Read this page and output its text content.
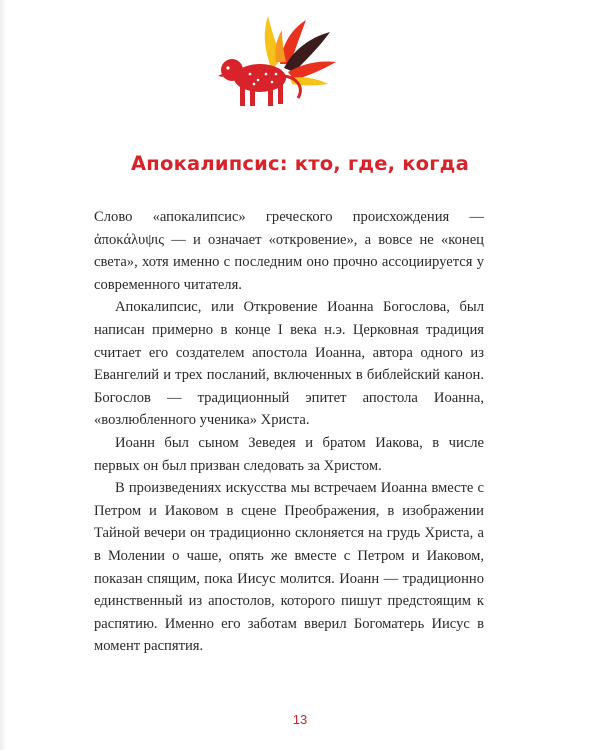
Апокалипсис: кто, где, когда

Слово «апокалипсис» греческого происхождения — ἀποκάλυψις — и означает «откровение», а вовсе не «конец света», хотя именно с последним оно прочно ассоциируется у современного читателя.

Апокалипсис, или Откровение Иоанна Богослова, был написан примерно в конце I века н.э. Церковная традиция считает его создателем апостола Иоанна, автора одного из Евангелий и трех посланий, включенных в библейский канон. Богослов — традиционный эпитет апостола Иоанна, «возлюбленного ученика» Христа.

Иоанн был сыном Зеведея и братом Иакова, в числе первых он был призван следовать за Христом.

В произведениях искусства мы встречаем Иоанна вместе с Петром и Иаковом в сцене Преображения, в изображении Тайной вечери он традиционно склоняется на грудь Христа, а в Молении о чаше, опять же вместе с Петром и Иаковом, показан спящим, пока Иисус молится. Иоанн — традиционно единственный из апостолов, которого пишут предстоящим к распятию. Именно его заботам вверил Богоматерь Иисус в момент распятия.

13
